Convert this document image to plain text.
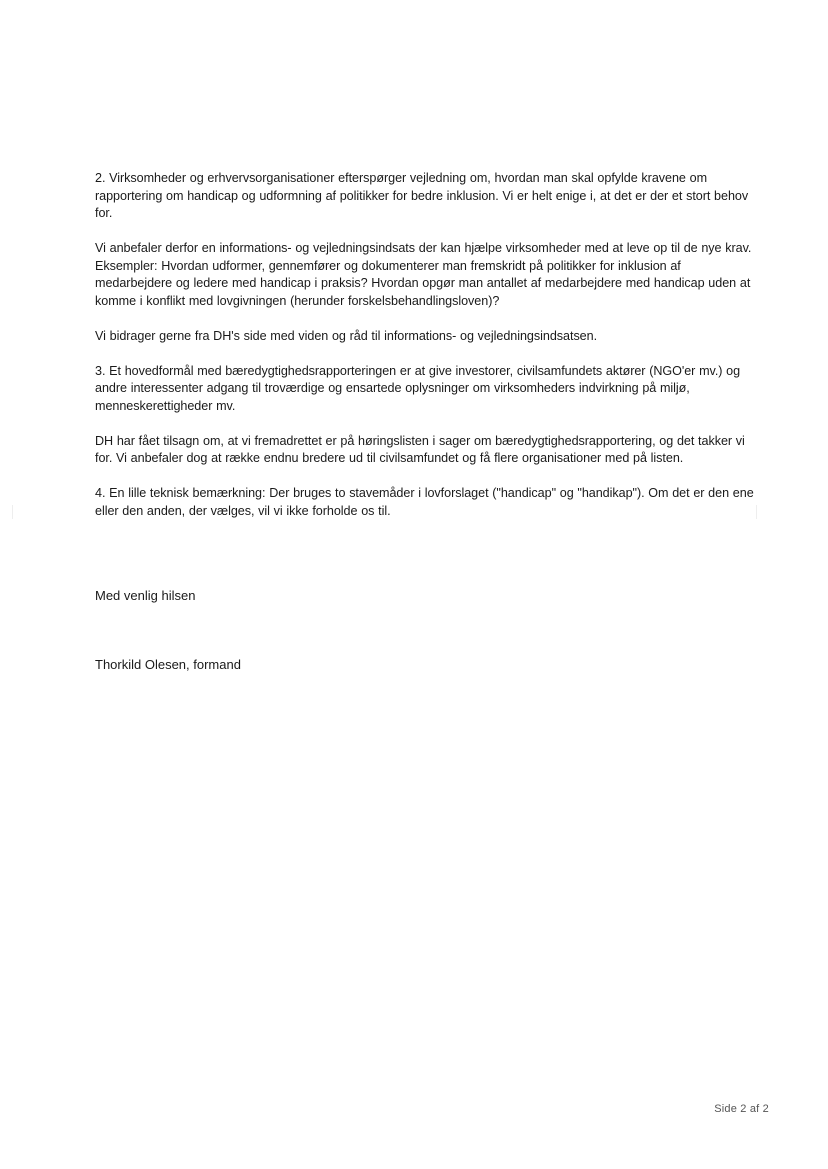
2. Virksomheder og erhvervsorganisationer efterspørger vejledning om, hvordan man skal opfylde kravene om rapportering om handicap og udformning af politikker for bedre inklusion. Vi er helt enige i, at det er der et stort behov for.

Vi anbefaler derfor en informations- og vejledningsindsats der kan hjælpe virksomheder med at leve op til de nye krav. Eksempler: Hvordan udformer, gennemfører og dokumenterer man fremskridt på politikker for inklusion af medarbejdere og ledere med handicap i praksis? Hvordan opgør man antallet af medarbejdere med handicap uden at komme i konflikt med lovgivningen (herunder forskelsbehandlingsloven)?

Vi bidrager gerne fra DH's side med viden og råd til informations- og vejledningsindsatsen.

3. Et hovedformål med bæredygtighedsrapporteringen er at give investorer, civilsamfundets aktører (NGO'er mv.) og andre interessenter adgang til troværdige og ensartede oplysninger om virksomheders indvirkning på miljø, menneskerettigheder mv.

DH har fået tilsagn om, at vi fremadrettet er på høringslisten i sager om bæredygtighedsrapportering, og det takker vi for. Vi anbefaler dog at række endnu bredere ud til civilsamfundet og få flere organisationer med på listen.

4. En lille teknisk bemærkning: Der bruges to stavemåder i lovforslaget ("handicap" og "handikap"). Om det er den ene eller den anden, der vælges, vil vi ikke forholde os til.

Med venlig hilsen

Thorkild Olesen, formand

Side 2 af 2
